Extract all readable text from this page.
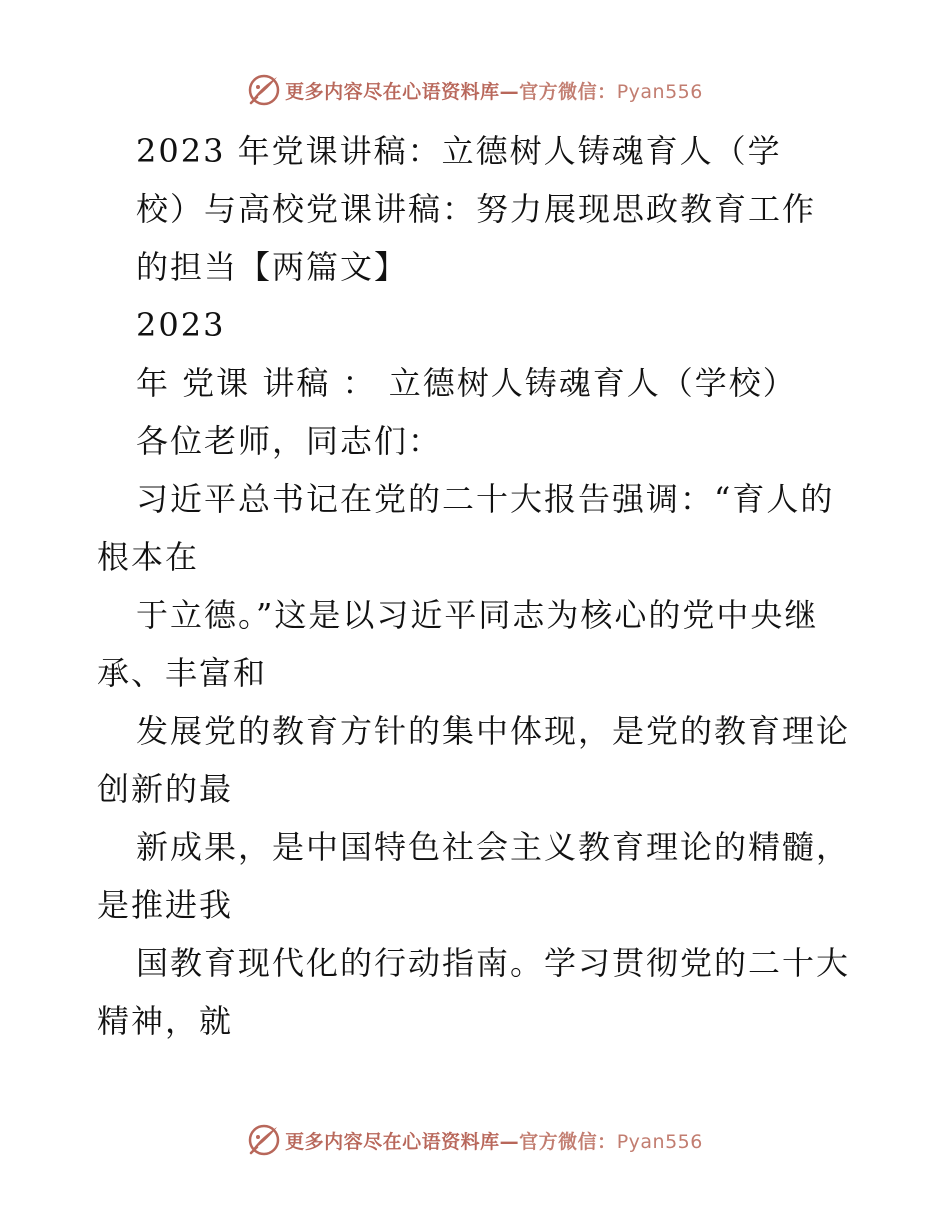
更多内容尽在心语资料库—官方微信：Pyan556
2023 年党课讲稿：立德树人铸魂育人（学
校）与高校党课讲稿：努力展现思政教育工作
的担当【两篇文】
2023
年 党课 讲稿 ： 立德树人铸魂育人（学校）
各位老师，同志们：
习近平总书记在党的二十大报告强调：“育人的
根本在
于立德。”这是以习近平同志为核心的党中央继
承、丰富和
发展党的教育方针的集中体现，是党的教育理论
创新的最
新成果，是中国特色社会主义教育理论的精髓，
是推进我
国教育现代化的行动指南。学习贯彻党的二十大
精神，就
更多内容尽在心语资料库—官方微信：Pyan556
